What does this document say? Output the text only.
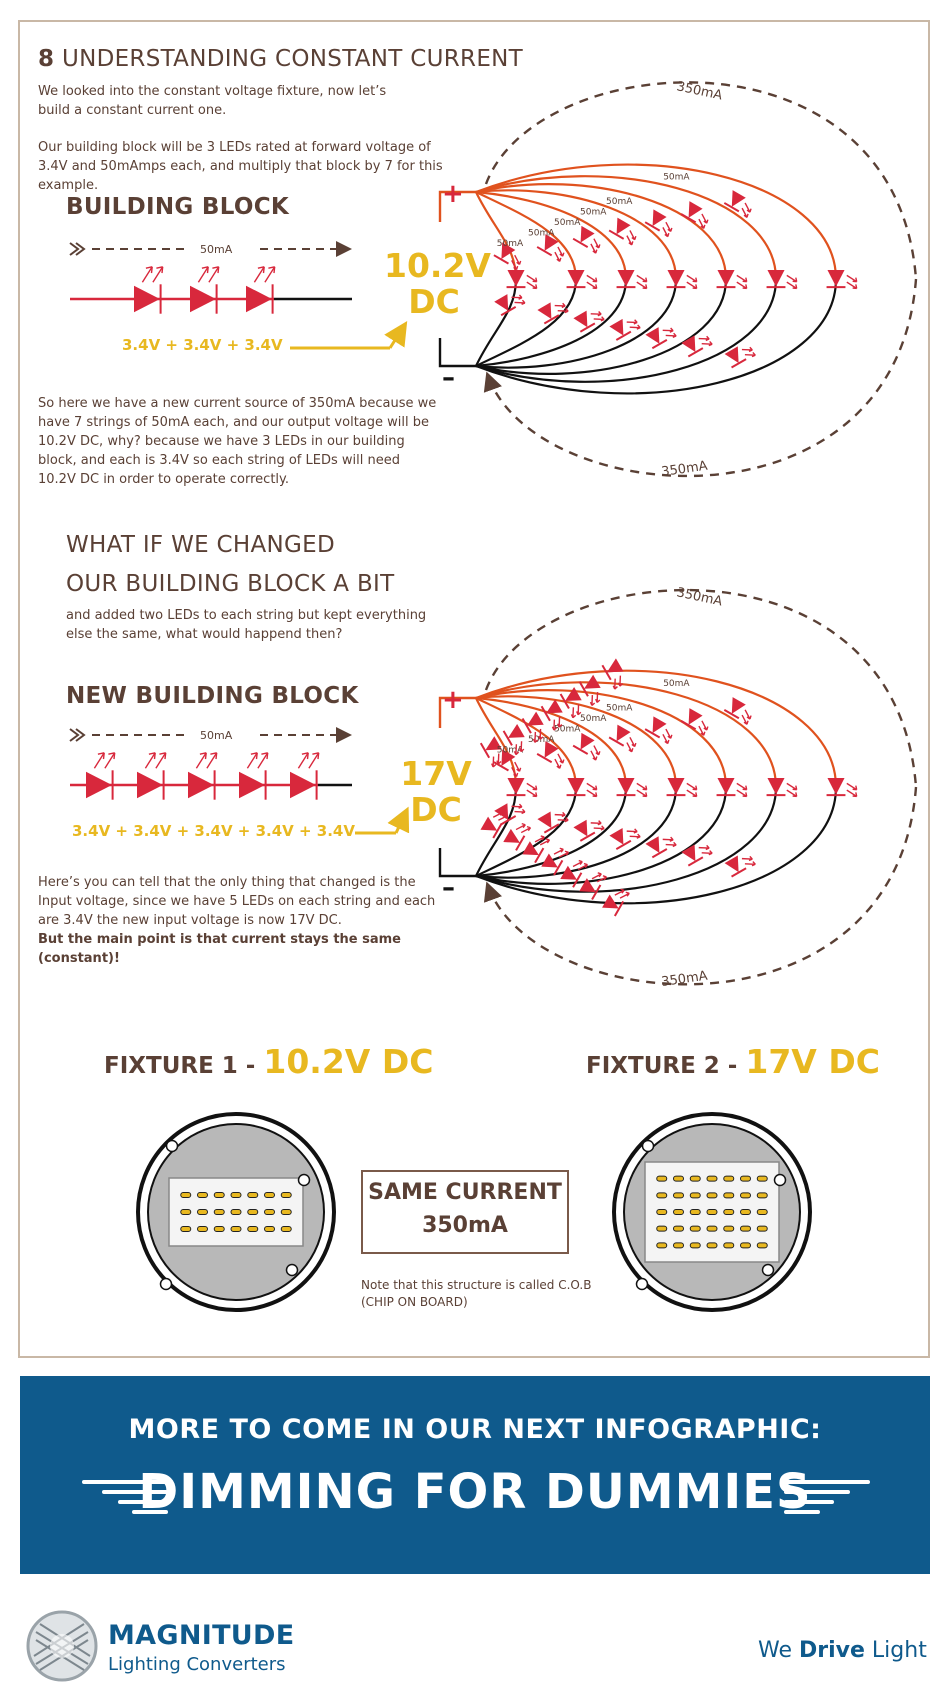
8 UNDERSTANDING CONSTANT CURRENT
We looked into the constant voltage fixture, now let’s build a constant current one.
Our building block will be 3 LEDs rated at forward voltage of 3.4V and 50mAmps each, and multiply that block by 7 for this example.
BUILDING BLOCK
3.4V + 3.4V + 3.4V
10.2V
DC
So here we have a new current source of 350mA because we have 7 strings of 50mA each, and our output voltage will be 10.2V DC, why? because we have 3 LEDs in our building block, and each is 3.4V so each string of LEDs will need 10.2V DC in order to operate correctly.
WHAT IF WE CHANGED
OUR BUILDING BLOCK A BIT
and added two LEDs to each string but kept everything else the same, what would happend then?
NEW BUILDING BLOCK
3.4V + 3.4V + 3.4V + 3.4V + 3.4V
17V
DC
Here’s you can tell that the only thing that changed is the Input voltage, since we have 5 LEDs on each string and each are 3.4V the new input voltage is now 17V DC.
But the main point is that current stays the same (constant)!
FIXTURE 1 - 10.2V DC	FIXTURE 2 - 17V DC
SAME CURRENT
350mA
Note that this structure is called C.O.B (CHIP ON BOARD)
MORE TO COME IN OUR NEXT INFOGRAPHIC:
DIMMING FOR DUMMIES
MAGNITUDE
Lighting Converters
We Drive Light
+
–
50mA
50mA
50mA
50mA
50mA
50mA
350mA
350mA
+
–
50mA
50mA
50mA
50mA
50mA
50mA
350mA
350mA
50mA
50mA
